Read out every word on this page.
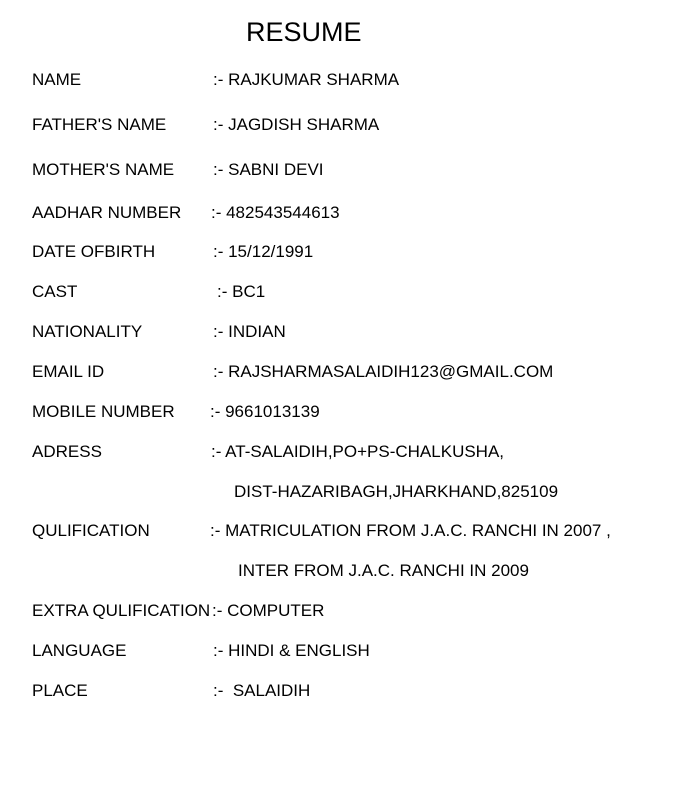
RESUME
NAME	:- RAJKUMAR SHARMA
FATHER'S NAME	:- JAGDISH SHARMA
MOTHER'S NAME :- SABNI DEVI
AADHAR NUMBER :- 482543544613
DATE OFBIRTH	:- 15/12/1991
CAST	:- BC1
NATIONALITY	:- INDIAN
EMAIL ID	:- RAJSHARMASALAIDIH123@GMAIL.COM
MOBILE NUMBER :- 9661013139
ADRESS	:- AT-SALAIDIH,PO+PS-CHALKUSHA,
DIST-HAZARIBAGH,JHARKHAND,825109
QULIFICATION	:- MATRICULATION FROM J.A.C. RANCHI IN 2007 ,
INTER FROM J.A.C. RANCHI IN 2009
EXTRA QULIFICATION :- COMPUTER
LANGUAGE	:- HINDI & ENGLISH
PLACE	:-  SALAIDIH
